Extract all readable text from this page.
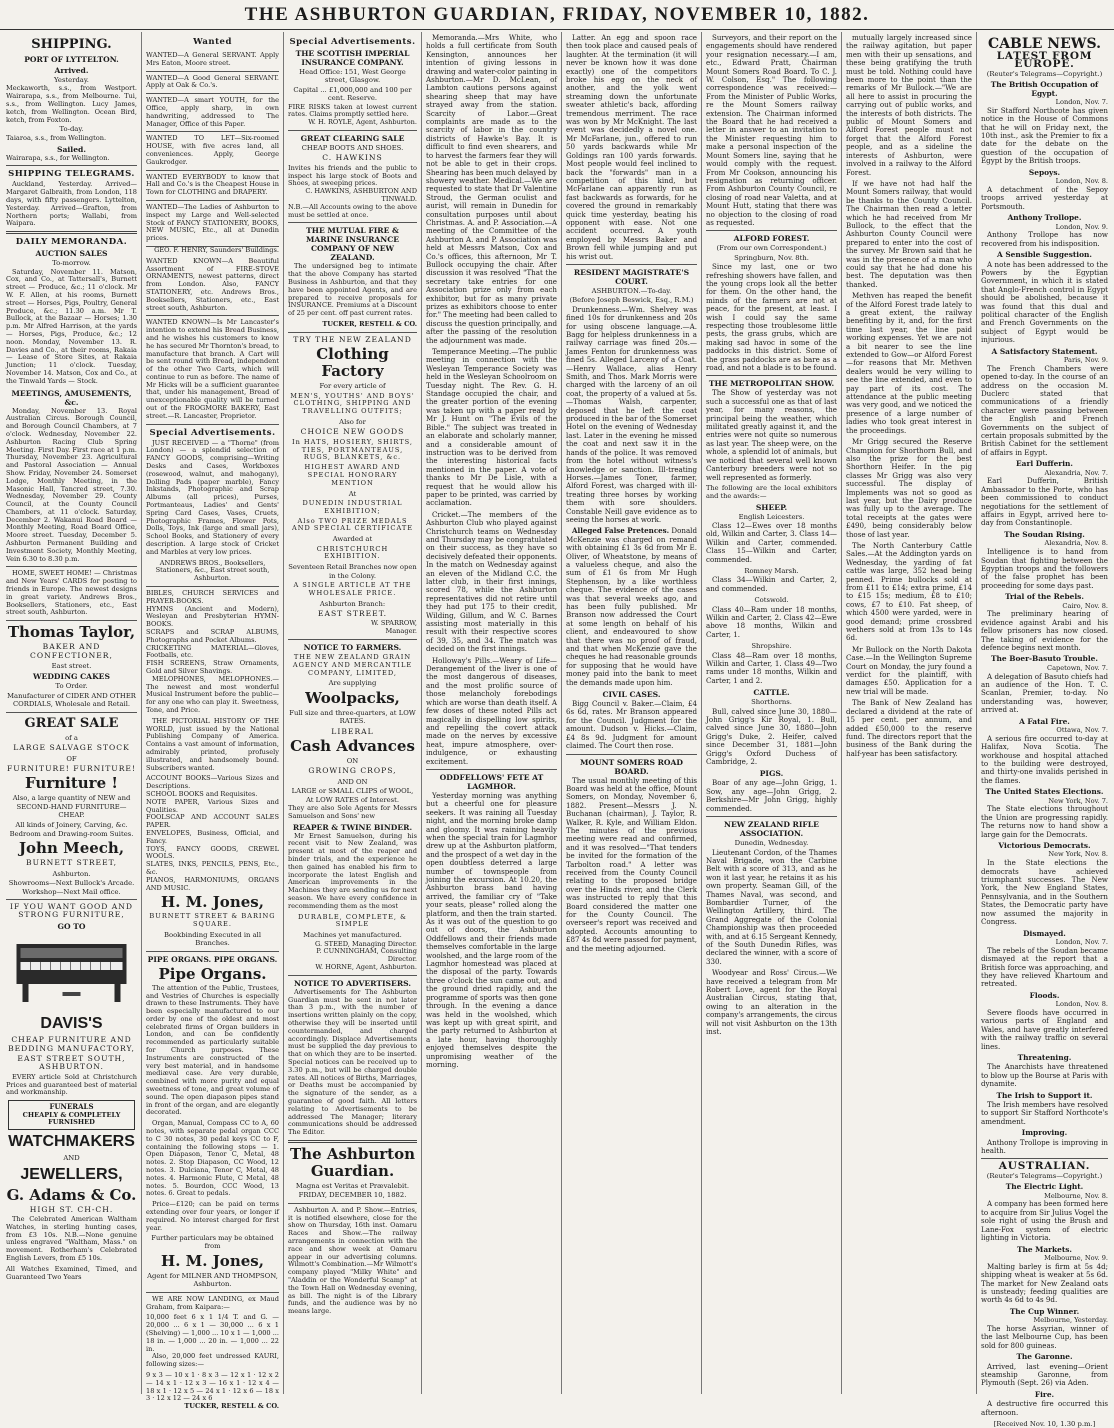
THE ASHBURTON GUARDIAN, FRIDAY, NOVEMBER 10, 1882.
SHIPPING.
PORT OF LYTTELTON.
Arrived.
Yesterday.
Meckaworth, s.s., from Westport. Wairarapa, s.s., from Melbourne. Tui, s.s., from Wellington. Lucy James, ketch, from Wellington. Ocean Bird, ketch, from Foxton.
To-day.
Taiaroa, s.s., from Wellington.
Sailed.
Wairarapa, s.s., for Wellington.
SHIPPING TELEGRAMS.
Auckland, Yesterday. Arrived—Margaret Galbraith, from London, 118 days, with fifty passengers. Lyttelton, Yesterday. Arrived—Grafton, from Northern ports; Wallabi, from Waipara.
DAILY MEMORANDA.
AUCTION SALES
To-morrow.
Saturday, November 11. Matson, Cox, and Co., at Tattersall's, Burnett street — Produce, &c.; 11 o'clock. Mr W. F. Allen, at his rooms, Burnett street — Horses, Pigs, Poultry, General Produce, &c.; 11.30 a.m. Mr T. Bullock, at the Bazaar — Horses; 1.30 p.m. Mr Alfred Harrison, at the yards — Horses, Pigs, Produce, &c.; 12 noon. Monday, November 13. R. Davies and Co., at their rooms, Rakaia — Lease of Store Sites, at Rakaia Junction; 11 o'clock. Tuesday, November 14. Matson, Cox and Co., at the Tinwald Yards — Stock.
MEETINGS, AMUSEMENTS, &c.
Monday, November 13. Royal Australian Circus. Borough Council, and Borough Council Chambers, at 7 o'clock. Wednesday, November 22. Ashburton Racing Club Spring Meeting. First Day. First race at 1 p.m. Thursday, November 23. Agricultural and Pastoral Association — Annual Show. Friday, November 24. Somerset Lodge, Monthly Meeting, in the Masonic Hall, Tancred street, 7.30. Wednesday, November 29. County Council, at the County Council Chambers, at 11 o'clock. Saturday, December 2. Wakanui Road Board — Monthly Meeting, Road Board Office, Moore street. Tuesday, December 5. Ashburton Permanent Building and Investment Society, Monthly Meeting, Vein 6.30 to 8.30 p.m.
HOME, SWEET HOME! — Christmas and New Years' CARDS for posting to friends in Europe. The newest designs in great variety. Andrews Bros., Booksellers, Stationers, etc., East street south, Ashburton.
Thomas Taylor,
BAKER AND CONFECTIONER,
East street.
WEDDING CAKES
To Order.
Manufacturer of CIDER AND OTHER CORDIALS, Wholesale and Retail.
GREAT SALE
of a
LARGE SALVAGE STOCK
OF
FURNITURE! FURNITURE!
Furniture !
Also, a large quantity of NEW and SECOND-HAND FURNITURE—CHEAP.
All kinds of Joinery, Carving, &c.
Bedroom and Drawing-room Suites.
John Meech,
BURNETT STREET,
Ashburton.
Showrooms—Next Bullock's Arcade. Workshop—Next Mail office.
IF YOU WANT GOOD AND STRONG FURNITURE,
GO TO
DAVIS'S
CHEAP FURNITURE AND BEDDING MANUFACTORY,
EAST STREET SOUTH, ASHBURTON.
EVERY article Sold at Christchurch Prices and guaranteed best of material and workmanship.
FUNERALS
CHEAPLY & COMPLETELY FURNISHED
WATCHMAKERS
AND
JEWELLERS,
G. Adams & Co.
HIGH ST. CH-CH.
The Celebrated American Waltham Watches, in sterling hunting cases, from £3 10s. N.B.—None genuine unless engraved "Waltham, Mass." on movement. Rotherham's Celebrated English Levers, from £5 10s.
All Watches Examined, Timed, and Guaranteed Two Years
Wanted
WANTED—A General SERVANT. Apply Mrs Eaton, Moore street.
WANTED—A Good General SERVANT. Apply at Oak & Co.'s.
WANTED—A smart YOUTH, for the Office, apply sharp, in own handwriting, addressed to The Manager, Office of this Paper.
WANTED TO LET—Six-roomed HOUSE, with five acres land, all conveniences. Apply, George Gaukrodger.
WANTED EVERYBODY to know that Hall and Co.'s is the Cheapest House in Town for CLOTHING and DRAPERY.
WANTED—The Ladies of Ashburton to inspect my Large and Well-selected Stock of FANCY STATIONERY, BOOKS, NEW MUSIC, Etc., all at Dunedin prices.
GEO. F. HENRY, Saunders' Buildings.
WANTED KNOWN—A Beautiful Assortment of FIRE-STOVE ORNAMENTS, newest patterns, direct from London. Also, FANCY STATIONERY, etc. Andrews Bros., Booksellers, Stationers, etc., East street south, Ashburton.
WANTED KNOWN—Is Mr Lancaster's intention to extend his Bread Business, and he wishes his customers to know he has secured Mr Thornton's bread, to manufacture that branch. A Cart will be sent round with Bread, independent of the other Two Carts, which will continue to run as before. The name of Mr Hicks will be a sufficient guarantee that, under his management, Bread of unexceptionable quality will be turned out of the FROGMORE BAKERY, East street.—R. Lancaster, Proprietor.
Special Advertisements.
JUST RECEIVED — a "Thorne" (from London) — a splendid selection of FANCY GOODS, comprising—Writing Desks and Cases, Workboxes (rosewood, walnut, and mahogany), Dolling Pads (paper marble), Fancy Inkstands, Photographic and Scrap Albums (all prices), Purses, Portmanteaus, Ladies' and Gents' Spring Card Cases, Vases, Cruets, Photographic Frames, Flower Pots, Dolls, Toys, Ink (large and small jars), School Books, and Stationery of every description. A large stock of Cricket and Marbles at very low prices.
ANDREWS BROS., Booksellers, Stationers, &c., East street south, Ashburton.
BIBLES, CHURCH SERVICES and PRAYER-BOOKS.
HYMNS (Ancient and Modern), Wesleyan and Presbyterian HYMN-BOOKS.
SCRAPS and SCRAP ALBUMS, Photographs and Pocket Albums.
CRICKETING MATERIAL—Gloves, Footballs, etc.
FISH SCREENS, Straw Ornaments, Gold and Silver Shavings.
MELOPHONES, MELOPHONES.—The newest and most wonderful Musical Instrument before the public—for any one who can play it. Sweetness, Tone, and Price.
THE PICTORIAL HISTORY OF THE WORLD, just issued by the National Publishing Company of America. Contains a vast amount of information, admirably printed, profusely illustrated, and handsomely bound. Subscribers wanted.
ACCOUNT BOOKS—Various Sizes and Descriptions.
SCHOOL BOOKS and Requisites.
NOTE PAPER, Various Sizes and Qualities.
FOOLSCAP AND ACCOUNT SALES PAPER.
ENVELOPES, Business, Official, and Fancy.
TOYS, FANCY GOODS, CREWEL WOOLS.
SLATES, INKS, PENCILS, PENS, Etc., &c.
PIANOS, HARMONIUMS, ORGANS AND MUSIC.
H. M. Jones,
BURNETT STREET & BARING SQUARE.
Bookbinding Executed in all Branches.
PIPE ORGANS. PIPE ORGANS.
Pipe Organs.
The attention of the Public, Trustees, and Vestries of Churches is especially drawn to these Instruments. They have been especially manufactured to our order by one of the oldest and most celebrated firms of Organ builders in London, and can be confidently recommended as particularly suitable for Church purposes. These Instruments are constructed of the very best material, and in handsome mediæval case. Are very durable, combined with more purity and equal sweetness of tone, and great volume of sound. The open diapason pipes stand in front of the organ, and are elegantly decorated.
Organ, Manual, Compass CC to A, 60 notes, with separate pedal organ CCC to C 30 notes, 30 pedal keys CC to F, containing the following stops — 1. Open Diapason, Tenor C, Metal, 48 notes. 2. Stop Diapason, CC Wood, 12 notes. 3. Dulciana, Tenor C, Metal, 48 notes. 4. Harmonic Flute, C Metal, 48 notes. 5. Bourdon, CCC Wood, 13 notes. 6. Great to pedals.
Price—£120; can be paid on terms extending over four years, or longer if required. No interest charged for first year.
Further particulars may be obtained from
H. M. Jones,
Agent for MILNER AND THOMPSON, Ashburton.
WE ARE NOW LANDING, ex Maud Graham, from Kaipara:—
10,000 feet 6 x 1 1/4 T. and G. — 20,000 ... 6 x 1 — 30,000 ... 6 x 1 (Shelving) — 1,000 ... 10 x 1 — 1,000 ... 18 in. — 1,000 ... 20 in. — 1,000 ... 22 in.
Also, 20,000 feet undressed KAURI, following sizes:—
9 x 3 — 10 x 1 · 8 x 3 — 12 x 1 · 12 x 2 — 14 x 1 · 12 x 3 — 16 x 1 · 12 x 4 — 18 x 1 · 12 x 5 — 24 x 1 · 12 x 6 — 18 x 3 · 12 x 12 — 24 x 6
TUCKER, RESTELL & CO.
Special Advertisements.
THE SCOTTISH IMPERIAL INSURANCE COMPANY.
Head Office: 151, West George street, Glasgow.
Capital ... £1,000,000 and 100 per cent. Reserve.
FIRE RISKS taken at lowest current rates. Claims promptly settled here.
W. H. ROYLE, Agent, Ashburton.
GREAT CLEARING SALE
CHEAP BOOTS AND SHOES.
C. HAWKINS
Invites his friends and the public to inspect his large stock of Boots and Shoes, at sweeping prices.
C. HAWKINS, ASHBURTON AND TINWALD.
N.B.—All Accounts owing to the above must be settled at once.
THE MUTUAL FIRE & MARINE INSURANCE COMPANY OF NEW ZEALAND.
The undersigned beg to intimate that the above Company has started Business in Ashburton, and that they have been appointed Agents, and are prepared to receive proposals for INSURANCE. Premiums at a Discount of 25 per cent. off past current rates.
TUCKER, RESTELL & CO.
TRY THE NEW ZEALAND
Clothing Factory
For every article of
MEN'S, YOUTHS' AND BOYS' CLOTHING, SHIPPING AND TRAVELLING OUTFITS;
Also for
CHOICE NEW GOODS
In HATS, HOSIERY, SHIRTS, TIES, PORTMANTEAUS, RUGS, BLANKETS, &c.
HIGHEST AWARD AND SPECIAL HONORARY MENTION
At
DUNEDIN INDUSTRIAL EXHIBITION;
Also TWO PRIZE MEDALS AND SPECIAL CERTIFICATE
Awarded at
CHRISTCHURCH EXHIBITION.
Seventeen Retail Branches now open in the Colony.
A SINGLE ARTICLE AT THE WHOLESALE PRICE.
Ashburton Branch:
EAST STREET.
W. SPARROW,
Manager.
NOTICE TO FARMERS.
THE NEW ZEALAND GRAIN AGENCY AND MERCANTILE COMPANY, LIMITED,
Are supplying
Woolpacks,
Full size and three-quarters, at LOW RATES.
LIBERAL
Cash Advances
ON
GROWING CROPS,
AND ON
LARGE or SMALL CLIPS of WOOL, At LOW RATES of Interest.
They are also Sole Agents for Messrs Samuelson and Sons' new
REAPER & TWINE BINDER.
Mr Ernest Samuelson, during his recent visit to New Zealand, was present at most of the reaper and binder trials, and the experience he then gained has enabled his firm to incorporate the latest English and American improvements in the Machines they are sending us for next season. We have every confidence in recommending them as the most
DURABLE, COMPLETE, & SIMPLE
Machines yet manufactured.
G. STEED, Managing Director.
P. CUNNINGHAM, Consulting Director.
W. HORNE, Agent, Ashburton.
NOTICE TO ADVERTISERS.
Advertisements for The Ashburton Guardian must be sent in not later than 3 p.m., with the number of insertions written plainly on the copy, otherwise they will be inserted until countermanded, and charged accordingly. Displace Advertisements must be supplied the day previous to that on which they are to be inserted. Special notices can be received up to 3.30 p.m., but will be charged double rates. All notices of Births, Marriages, or Deaths must be accompanied by the signature of the sender, as a guarantee of good faith. All letters relating to Advertisements to be addressed The Manager; literary communications should be addressed The Editor.
The Ashburton Guardian.
Magna est Veritas et Prævalebit.
FRIDAY, DECEMBER 10, 1882.
Ashburton A. and P. Show.—Entries, it is notified elsewhere, close for the show on Thursday, 16th inst. Oamaru Races and Show.—The railway arrangements in connection with the race and show week at Oamaru appear in our advertising columns. Wilmott's Combination.—Mr Wilmott's company played "Milky White" and "Aladdin or the Wonderful Scamp" at the Town Hall on Wednesday evening, as bill. The night is of the Library funds, and the audience was by no means large.
Memoranda.—Mrs White, who holds a full certificate from South Kensington, announces her intention of giving lessons in drawing and water-color painting in Ashburton.—Mr D. McLean, of Lambton cautions persons against shearing sheep that may have strayed away from the station. Scarcity of Labor.—Great complaints are made as to the scarcity of labor in the country districts of Hawke's Bay. It is difficult to find even shearers, and to harvest the farmers fear they will not be able to get in their crops. Shearing has been much delayed by showery weather. Medical.—We are requested to state that Dr Valentine Stroud, the German oculist and aurist, will remain in Dunedin for consultation purposes until about Christmas. A. and P. Association.—A meeting of the Committee of the Ashburton A. and P. Association was held at Messrs Matson, Cox and Co.'s offices, this afternoon, Mr T. Bullock occupying the chair. After discussion it was resolved "That the secretary take entries for one Association prize only from each exhibitor, but for as many private prizes as exhibitors choose to enter for." The meeting had been called to discuss the question principally, and after the passing of the resolution the adjournment was made.
Temperance Meeting.—The public meeting in connection with the Wesleyan Temperance Society was held in the Wesleyan Schoolroom on Tuesday night. The Rev. G. H. Standage occupied the chair, and the greater portion of the evening was taken up with a paper read by Mr J. Hunt on "The Evils of the Bible." The subject was treated in an elaborate and scholarly manner, and a considerable amount of instruction was to be derived from the interesting historical facts mentioned in the paper. A vote of thanks to Mr De Lisle, with a request that he would allow his paper to be printed, was carried by acclamation.
Cricket.—The members of the Ashburton Club who played against Christchurch teams on Wednesday and Thursday may be congratulated on their success, as they have so decisively defeated their opponents. In the match on Wednesday against an eleven of the Midland C.C. the latter club, in their first innings, scored 78, while the Ashburton representatives did not retire until they had put 175 to their credit, Wilding, Gillum, and W. C. Barnes assisting most materially in this result with their respective scores of 39, 35, and 34. The match was decided on the first innings.
Holloway's Pills.—Weary of Life—Derangement of the liver is one of the most dangerous of diseases, and the most prolific source of those melancholy forebodings which are worse than death itself. A few doses of these noted Pills act magically in dispelling low spirits, and repelling the covert attack made on the nerves by excessive heat, impure atmosphere, over-indulgence, or exhausting excitement.
ODDFELLOWS' FETE AT LAGMHOR.
Yesterday morning was anything but a cheerful one for pleasure seekers. It was raining all Tuesday night, and the morning broke damp and gloomy. It was raining heavily when the special train for Lagmhor drew up at the Ashburton platform, and the prospect of a wet day in the open doubtless deterred a large number of townspeople from joining the excursion. At 10.20, the Ashburton brass band having arrived, the familiar cry of "Take your seats, please" rolled along the platform, and then the train started. As it was out of the question to go out of doors, the Ashburton Oddfellows and their friends made themselves comfortable in the large woolshed, and the large room of the Lagmhor homestead was placed at the disposal of the party. Towards three o'clock the sun came out, and the ground dried rapidly, and the programme of sports was then gone through. In the evening a dance was held in the woolshed, which was kept up with great spirit, and the party returned to Ashburton at a late hour, having thoroughly enjoyed themselves despite the unpromising weather of the morning.
Latter. An egg and spoon race then took place and caused peals of laughter. At the termination (it will never be known how it was done exactly) one of the competitors broke his egg on the neck of another, and the yolk went streaming down the unfortunate sweater athletic's back, affording tremendous merriment. The race was won by Mr McKnight. The last event was decidedly a novel one. Mr McFarlane, jun., offered to run 50 yards backwards while Mr Goldings ran 100 yards forwards. Most people would feel inclined to back the "forwards" man in a competition of this kind, but McFarlane can apparently run as fast backwards as forwards, for he covered the ground in remarkably quick time yesterday, beating his opponent with ease. Not one accident occurred. A youth employed by Messrs Baker and Brown fell while jumping and put his wrist out.
RESIDENT MAGISTRATE'S COURT.
ASHBURTON.—To-day.
(Before Joseph Beswick, Esq., R.M.)
Drunkenness.—Wm. Shelvey was fined 10s for drunkenness and 20s for using obscene language.—A. Bagg for helpless drunkenness in a railway carriage was fined 20s.—James Fenton for drunkenness was fined 5s. Alleged Larceny of a Coat.—Henry Wallace, alias Henry Smith, and Thos. Mark Morris were charged with the larceny of an oil coat, the property of a valued at 5s.—Thomas Walsh, carpenter, deposed that he left the coat produced in the bar of the Somerset Hotel on the evening of Wednesday last. Later in the evening he missed the coat and next saw it in the hands of the police. It was removed from the hotel without witness's knowledge or sanction. Ill-treating Horses.—James Toner, farmer, Alford Forest, was charged with ill-treating three horses by working them with sore shoulders. Constable Neill gave evidence as to seeing the horses at work.
Alleged False Pretences. Donald McKenzie was charged on remand with obtaining £1 3s 6d from Mr E. Oliver, of Wheatstone, by means of a valueless cheque, and also the sum of £1 6s from Mr Hugh Stephenson, by a like worthless cheque. The evidence of the cases was that several weeks ago, and has been fully published. Mr Branson now addressed the Court at some length on behalf of his client, and endeavoured to show that there was no proof of fraud, and that when McKenzie gave the cheques he had reasonable grounds for supposing that he would have money paid into the bank to meet the demands made upon him.
CIVIL CASES.
Bigg Council v. Baker.—Claim, £4 6s 6d, rates. Mr Branson appeared for the Council. Judgment for the amount. Dudson v. Hicks.—Claim, £4 8s 9d. Judgment for amount claimed. The Court then rose.
MOUNT SOMERS ROAD BOARD.
The usual monthly meeting of this Board was held at the office, Mount Somers, on Monday, November 6, 1882. Present—Messrs J. N. Buchanan (chairman), J. Taylor, R. Walker, R. Kyle, and William Eldon. The minutes of the previous meeting were read and confirmed, and it was resolved—"That tenders be invited for the formation of the Tarbolton road." A letter was received from the County Council relating to the proposed bridge over the Hinds river, and the Clerk was instructed to reply that this Board considered the matter one for the County Council. The overseer's report was received and adopted. Accounts amounting to £87 4s 8d were passed for payment, and the meeting adjourned.
Surveyors, and their report on the engagements should have rendered your resignation necessary.—I am, etc., Edward Pratt, Chairman Mount Somers Road Board. To C. J. W. Colson, Esq." The following correspondence was received:—From the Minister of Public Works, re the Mount Somers railway extension. The Chairman informed the Board that he had received a letter in answer to an invitation to the Minister requesting him to make a personal inspection of the Mount Somers line, saying that he would comply with the request. From Mr Cookson, announcing his resignation as returning officer. From Ashburton County Council, re closing of road near Valetta, and at Mount Hutt, stating that there was no objection to the closing of road as requested.
ALFORD FOREST.
(From our own Correspondent.)
Springburn, Nov. 8th.
Since my last, one or two refreshing showers have fallen, and the young crops look all the better for them. On the other hand, the minds of the farmers are not at peace, for the present, at least. I wish I could say the same respecting those troublesome little pests, the grass grubs, which are making sad havoc in some of the paddocks in this district. Some of the grass paddocks are as bare as a road, and not a blade is to be found.
THE METROPOLITAN SHOW.
The Show of yesterday was not such a successful one as that of last year, for many reasons, the principal being the weather, which militated greatly against it, and the entries were not quite so numerous as last year. The sheep were, on the whole, a splendid lot of animals, but we noticed that several well known Canterbury breeders were not so well represented as formerly.
The following are the local exhibitors and the awards:—
SHEEP.
English Leicesters.
Class 12—Ewes over 18 months old, Wilkin and Carter, 3. Class 14—Wilkin and Carter, commended. Class 15—Wilkin and Carter, commended.
Romney Marsh.
Class 34—Wilkin and Carter, 2, and commended.
Cotswold.
Class 40—Ram under 18 months, Wilkin and Carter, 2. Class 42—Ewe above 18 months, Wilkin and Carter, 1.
Shropshire.
Class 48—Ram over 18 months, Wilkin and Carter, 1. Class 49—Two rams under 18 months, Wilkin and Carter, 1 and 2.
CATTLE.
Shorthorns.
Bull, calved since June 30, 1880—John Grigg's Kir Royal, 1. Bull, calved since June 30, 1880—John Grigg's Duke, 2. Heifer, calved since December 31, 1881—John Grigg's Oxford Duchess of Cambridge, 2.
PIGS.
Boar of any age—John Grigg, 1. Sow, any age—John Grigg, 2. Berkshire—Mr John Grigg, highly commended.
NEW ZEALAND RIFLE ASSOCIATION.
Dunedin, Wednesday.
Lieutenant Cordon, of the Thames Naval Brigade, won the Carbine Belt with a score of 313, and as he won it last year, he retains it as his own property. Seaman Gill, of the Thames Naval, was second, and Bombardier Turner, of the Wellington Artillery, third. The Grand Aggregate of the Colonial Championship was then proceeded with, and at 6.15 Sergeant Kennedy, of the South Dunedin Rifles, was declared the winner, with a score of 330.
Woodyear and Ross' Circus.—We have received a telegram from Mr Robert Love, agent for the Royal Australian Circus, stating that, owing to an alteration in the company's arrangements, the circus will not visit Ashburton on the 13th inst.
mutually largely increased since the railway agitation, but paper men with their up sensations, and these being gratifying the truth must be told. Nothing could have been more to the point than the remarks of Mr Bullock.—"We are all here to assist in procuring the carrying out of public works, and the interests of both districts. The public of Mount Somers and Alford Forest people must not forget that the Alford Forest people, and as a sideline the interests of Ashburton, were involved in a railway to the Alford Forest.
If we have not had half the Mount Somers railway, that would be thanks to the County Council. The Chairman then read a letter which he had received from Mr Bullock, to the effect that the Ashburton County Council were prepared to enter into the cost of the survey. Mr Brown said that he was in the presence of a man who could say that he had done his best. The deputation was then thanked.
Methven has reaped the benefit of the Alford Forest trade lately to a great extent, the railway benefiting by it, and, for the first time last year, the line paid working expenses. Yet we are not a bit nearer to see the line extended to Gow—or Alford Forest—for reasons that Mr. Methven dealers would be very willing to see the line extended, and even to pay part of its cost. The attendance at the public meeting was very good, and we noticed the presence of a large number of ladies who took great interest in the proceedings.
Mr Grigg secured the Reserve Champion for Shorthorn Bull, and also the prize for the best Shorthorn Heifer. In the pig classes Mr Grigg was also very successful. The display of Implements was not so good as last year, but the Dairy produce was fully up to the average. The total receipts at the gates were £490, being considerably below those of last year.
The North Canterbury Cattle Sales.—At the Addington yards on Wednesday, the yarding of fat cattle was large, 352 head being penned. Prime bullocks sold at from £11 to £14; extra prime, £14 to £15 15s; medium, £8 to £10; cows, £7 to £10. Fat sheep, of which 4500 were yarded, were in good demand; prime crossbred wethers sold at from 13s to 14s 6d.
Mr Bullock on the North Dakota Case.—In the Wellington Supreme Court on Monday, the jury found a verdict for the plaintiff, with damages £50. Application for a new trial will be made.
The Bank of New Zealand has declared a dividend at the rate of 15 per cent. per annum, and added £50,000 to the reserve fund. The directors report that the business of the Bank during the half-year has been satisfactory.
CABLE NEWS.
LATEST FROM EUROPE.
(Reuter's Telegrams—Copyright.)
The British Occupation of Egypt.
London, Nov. 7.
Sir Stafford Northcote has given notice in the House of Commons that he will on Friday next, the 10th inst., ask the Premier to fix a date for the debate on the question of the occupation of Egypt by the British troops.
Sepoys.
London, Nov. 8.
A detachment of the Sepoy troops arrived yesterday at Portsmouth.
Anthony Trollope.
London, Nov. 9.
Anthony Trollope has now recovered from his indisposition.
A Sensible Suggestion.
A note has been addressed to the Powers by the Egyptian Government, in which it is stated that Anglo-French control in Egypt should be abolished, because it was found that this dual and political character of the English and French Governments on the subject of Egypt would be injurious.
A Satisfactory Statement.
Paris, Nov. 9.
The French Chambers were opened to-day. In the course of an address on the occasion M. Duclerc stated that communications of a friendly character were passing between the English and French Governments on the subject of certain proposals submitted by the British Cabinet for the settlement of affairs in Egypt.
Earl Dufferin.
Alexandria, Nov. 7.
Earl Dufferin, British Ambassador to the Porte, who has been commissioned to conduct negotiations for the settlement of affairs in Egypt, arrived here to-day from Constantinople.
The Soudan Rising.
Alexandria, Nov. 8.
Intelligence is to hand from Soudan that fighting between the Egyptian troops and the followers of the false prophet has been proceeding for some days past.
Trial of the Rebels.
Cairo, Nov. 8.
The preliminary hearing of evidence against Arabi and his fellow prisoners has now closed. The taking of evidence for the defence begins next month.
The Boer-Basuto Trouble.
Capetown, Nov. 7.
A delegation of Basuto chiefs had an audience of the Hon. T. C. Scanlan, Premier, to-day. No understanding was, however, arrived at.
A Fatal Fire.
Ottawa, Nov. 7.
A serious fire occurred to-day at Halifax, Nova Scotia. The workhouse and hospital attached to the building were destroyed, and thirty-one invalids perished in the flames.
The United States Elections.
New York, Nov. 7.
The State elections throughout the Union are progressing rapidly. The returns now to hand show a large gain for the Democrats.
Victorious Democrats.
New York, Nov. 8.
In the State elections the democrats have achieved triumphant successes. The New York, the New England States, Pennsylvania, and in the Southern States, the Democratic party have now assumed the majority in Congress.
Dismayed.
London, Nov. 7.
The rebels of the Soudan became dismayed at the report that a British force was approaching, and they have relieved Khartoum and retreated.
Floods.
London, Nov. 8.
Severe floods have occurred in various parts of England and Wales, and have greatly interfered with the railway traffic on several lines.
Threatening.
The Anarchists have threatened to blow up the Bourse at Paris with dynamite.
The Irish to Support it.
The Irish members have resolved to support Sir Stafford Northcote's amendment.
Improving.
Anthony Trollope is improving in health.
AUSTRALIAN.
(Reuter's Telegrams—Copyright.)
The Electric Light.
Melbourne, Nov. 8.
A company has been formed here to acquire from Sir Julius Vogel the sole right of using the Brush and Lane-Fox system of electric lighting in Victoria.
The Markets.
Melbourne, Nov. 9.
Malting barley is firm at 5s 4d; shipping wheat is weaker at 5s 6d. The market for New Zealand oats is unsteady; feeding qualities are worth 4s 6d to 4s 9d.
The Cup Winner.
Melbourne, Yesterday.
The horse Assyrian, winner of the last Melbourne Cup, has been sold for 800 guineas.
The Garonne.
Arrived, last evening—Orient steamship Garonne, from Plymouth (Sept. 26) via Aden.
Fire.
A destructive fire occurred this afternoon.
[Received Nov. 10, 1.30 p.m.]
